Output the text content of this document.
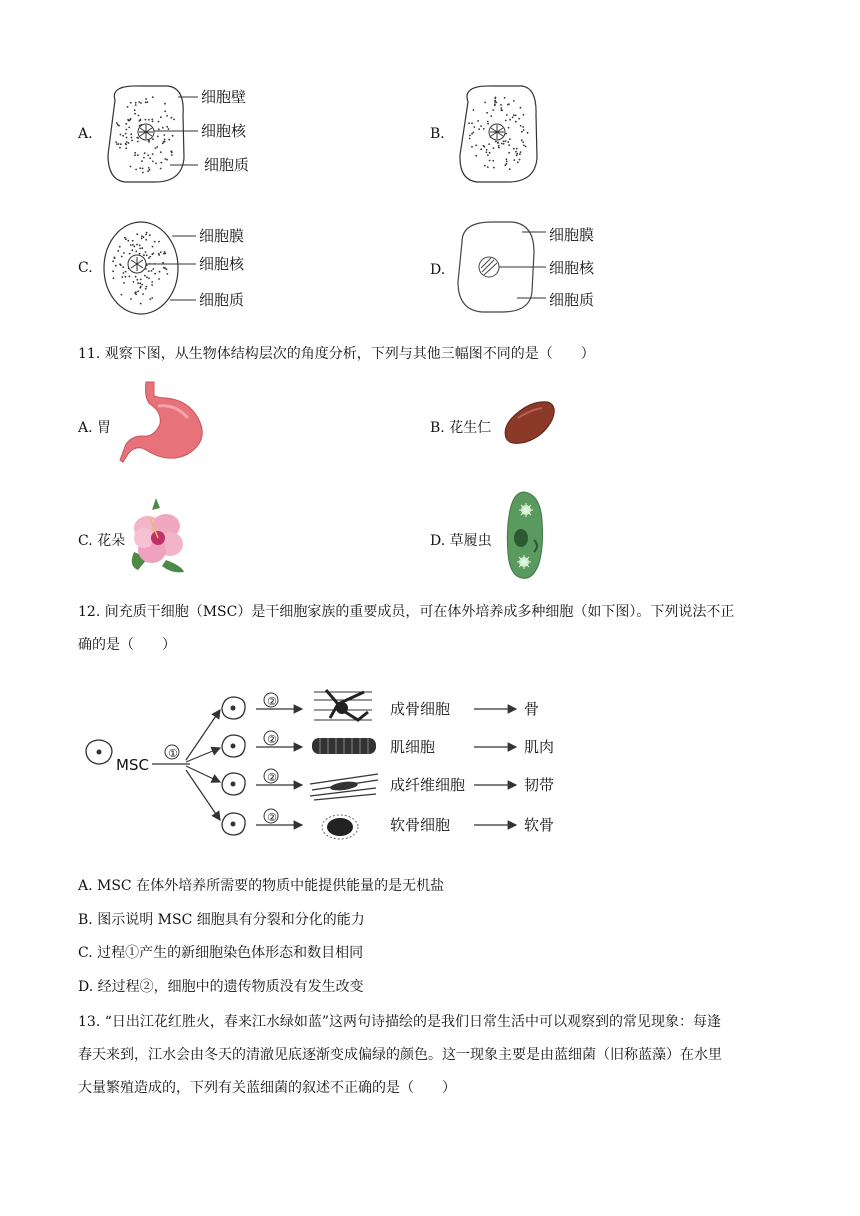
A.
细胞壁
细胞核
细胞质
B.
C.
细胞膜
细胞核
细胞质
D.
细胞膜
细胞核
细胞质
11. 观察下图，从生物体结构层次的角度分析，下列与其他三幅图不同的是（　　）
A. 胃	B. 花生仁
C. 花朵	D. 草履虫
12. 间充质干细胞（MSC）是干细胞家族的重要成员，可在体外培养成多种细胞（如下图）。下列说法不正
确的是（　　）
MSC
①
②	成骨细胞	骨
②	肌细胞	肌肉
②	成纤维细胞	韧带
②	软骨细胞	软骨
A. MSC 在体外培养所需要的物质中能提供能量的是无机盐
B. 图示说明 MSC 细胞具有分裂和分化的能力
C. 过程①产生的新细胞染色体形态和数目相同
D. 经过程②，细胞中的遗传物质没有发生改变
13. “日出江花红胜火，春来江水绿如蓝”这两句诗描绘的是我们日常生活中可以观察到的常见现象：每逢
春天来到，江水会由冬天的清澈见底逐渐变成偏绿的颜色。这一现象主要是由蓝细菌（旧称蓝藻）在水里
大量繁殖造成的，下列有关蓝细菌的叙述不正确的是（　　）
